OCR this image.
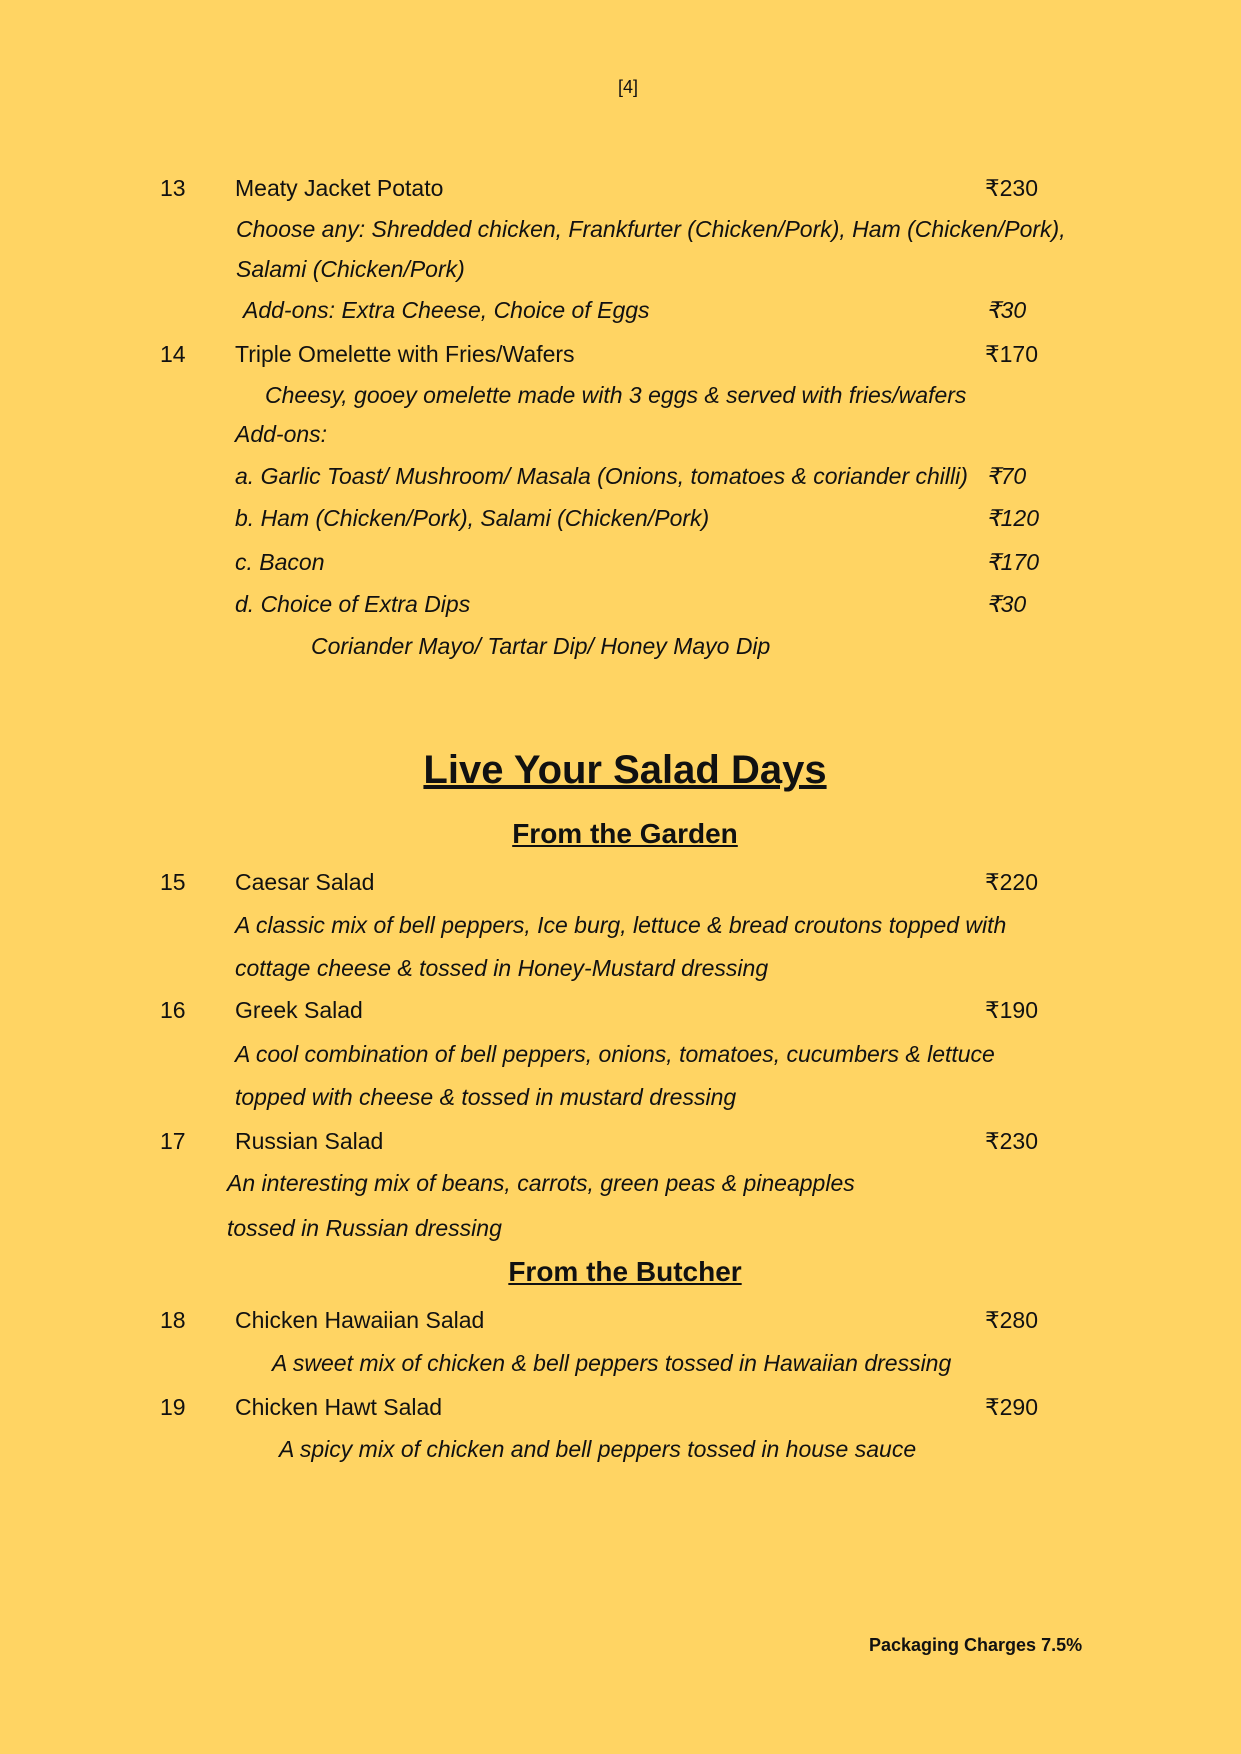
[4]
13 Meaty Jacket Potato	₹230
Choose any: Shredded chicken, Frankfurter (Chicken/Pork), Ham (Chicken/Pork),
Salami (Chicken/Pork)
Add-ons: Extra Cheese, Choice of Eggs	₹30
14 Triple Omelette with Fries/Wafers	₹170
Cheesy, gooey omelette made with 3 eggs & served with fries/wafers
Add-ons:
a. Garlic Toast/ Mushroom/ Masala (Onions, tomatoes & coriander chilli) ₹70
b. Ham (Chicken/Pork), Salami (Chicken/Pork)	₹120
c. Bacon	₹170
d. Choice of Extra Dips	₹30
Coriander Mayo/ Tartar Dip/ Honey Mayo Dip
Live Your Salad Days
From the Garden
15 Caesar Salad	₹220
A classic mix of bell peppers, Ice burg, lettuce & bread croutons topped with
cottage cheese & tossed in Honey-Mustard dressing
16 Greek Salad	₹190
A cool combination of bell peppers, onions, tomatoes, cucumbers & lettuce
topped with cheese & tossed in mustard dressing
17 Russian Salad	₹230
An interesting mix of beans, carrots, green peas & pineapples
tossed in Russian dressing
From the Butcher
18 Chicken Hawaiian Salad	₹280
A sweet mix of chicken & bell peppers tossed in Hawaiian dressing
19 Chicken Hawt Salad	₹290
A spicy mix of chicken and bell peppers tossed in house sauce
Packaging Charges 7.5%
